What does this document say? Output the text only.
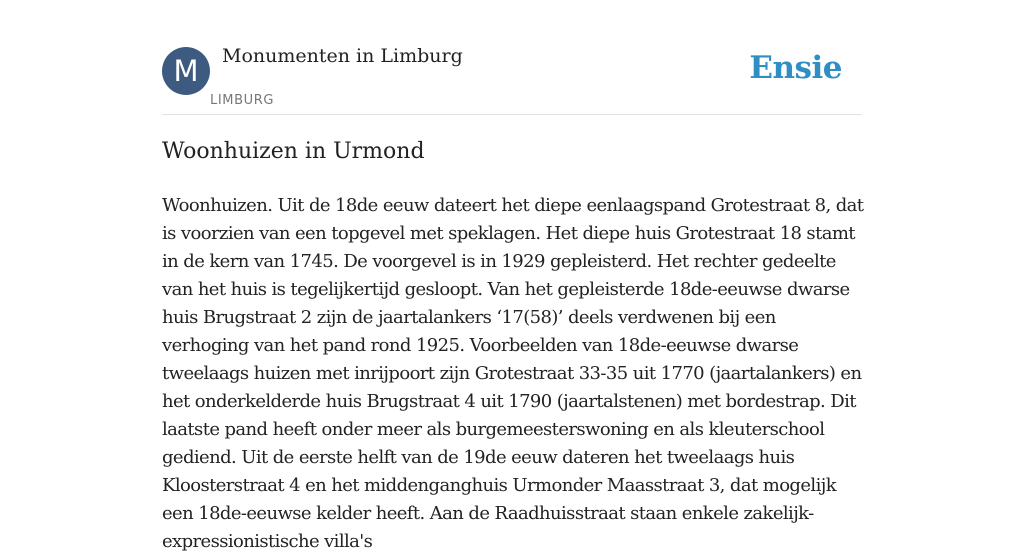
M	Monumenten in Limburg
LIMBURG
Ensie
Woonhuizen in Urmond

Woonhuizen. Uit de 18de eeuw dateert het diepe eenlaagspand Grotestraat 8, dat is voorzien van een topgevel met speklagen. Het diepe huis Grotestraat 18 stamt in de kern van 1745. De voorgevel is in 1929 gepleisterd. Het rechter gedeelte van het huis is tegelijkertijd gesloopt. Van het gepleisterde 18de-eeuwse dwarse huis Brugstraat 2 zijn de jaartalankers ‘17(58)’ deels verdwenen bij een verhoging van het pand rond 1925. Voorbeelden van 18de-eeuwse dwarse tweelaags huizen met inrijpoort zijn Grotestraat 33-35 uit 1770 (jaartalankers) en het onderkelderde huis Brugstraat 4 uit 1790 (jaartalstenen) met bordestrap. Dit laatste pand heeft onder meer als burgemeesterswoning en als kleuterschool gediend. Uit de eerste helft van de 19de eeuw dateren het tweelaags huis Kloosterstraat 4 en het middenganghuis Urmonder Maasstraat 3, dat mogelijk een 18de-eeuwse kelder heeft. Aan de Raadhuisstraat staan enkele zakelijk-expressionistische villa's
